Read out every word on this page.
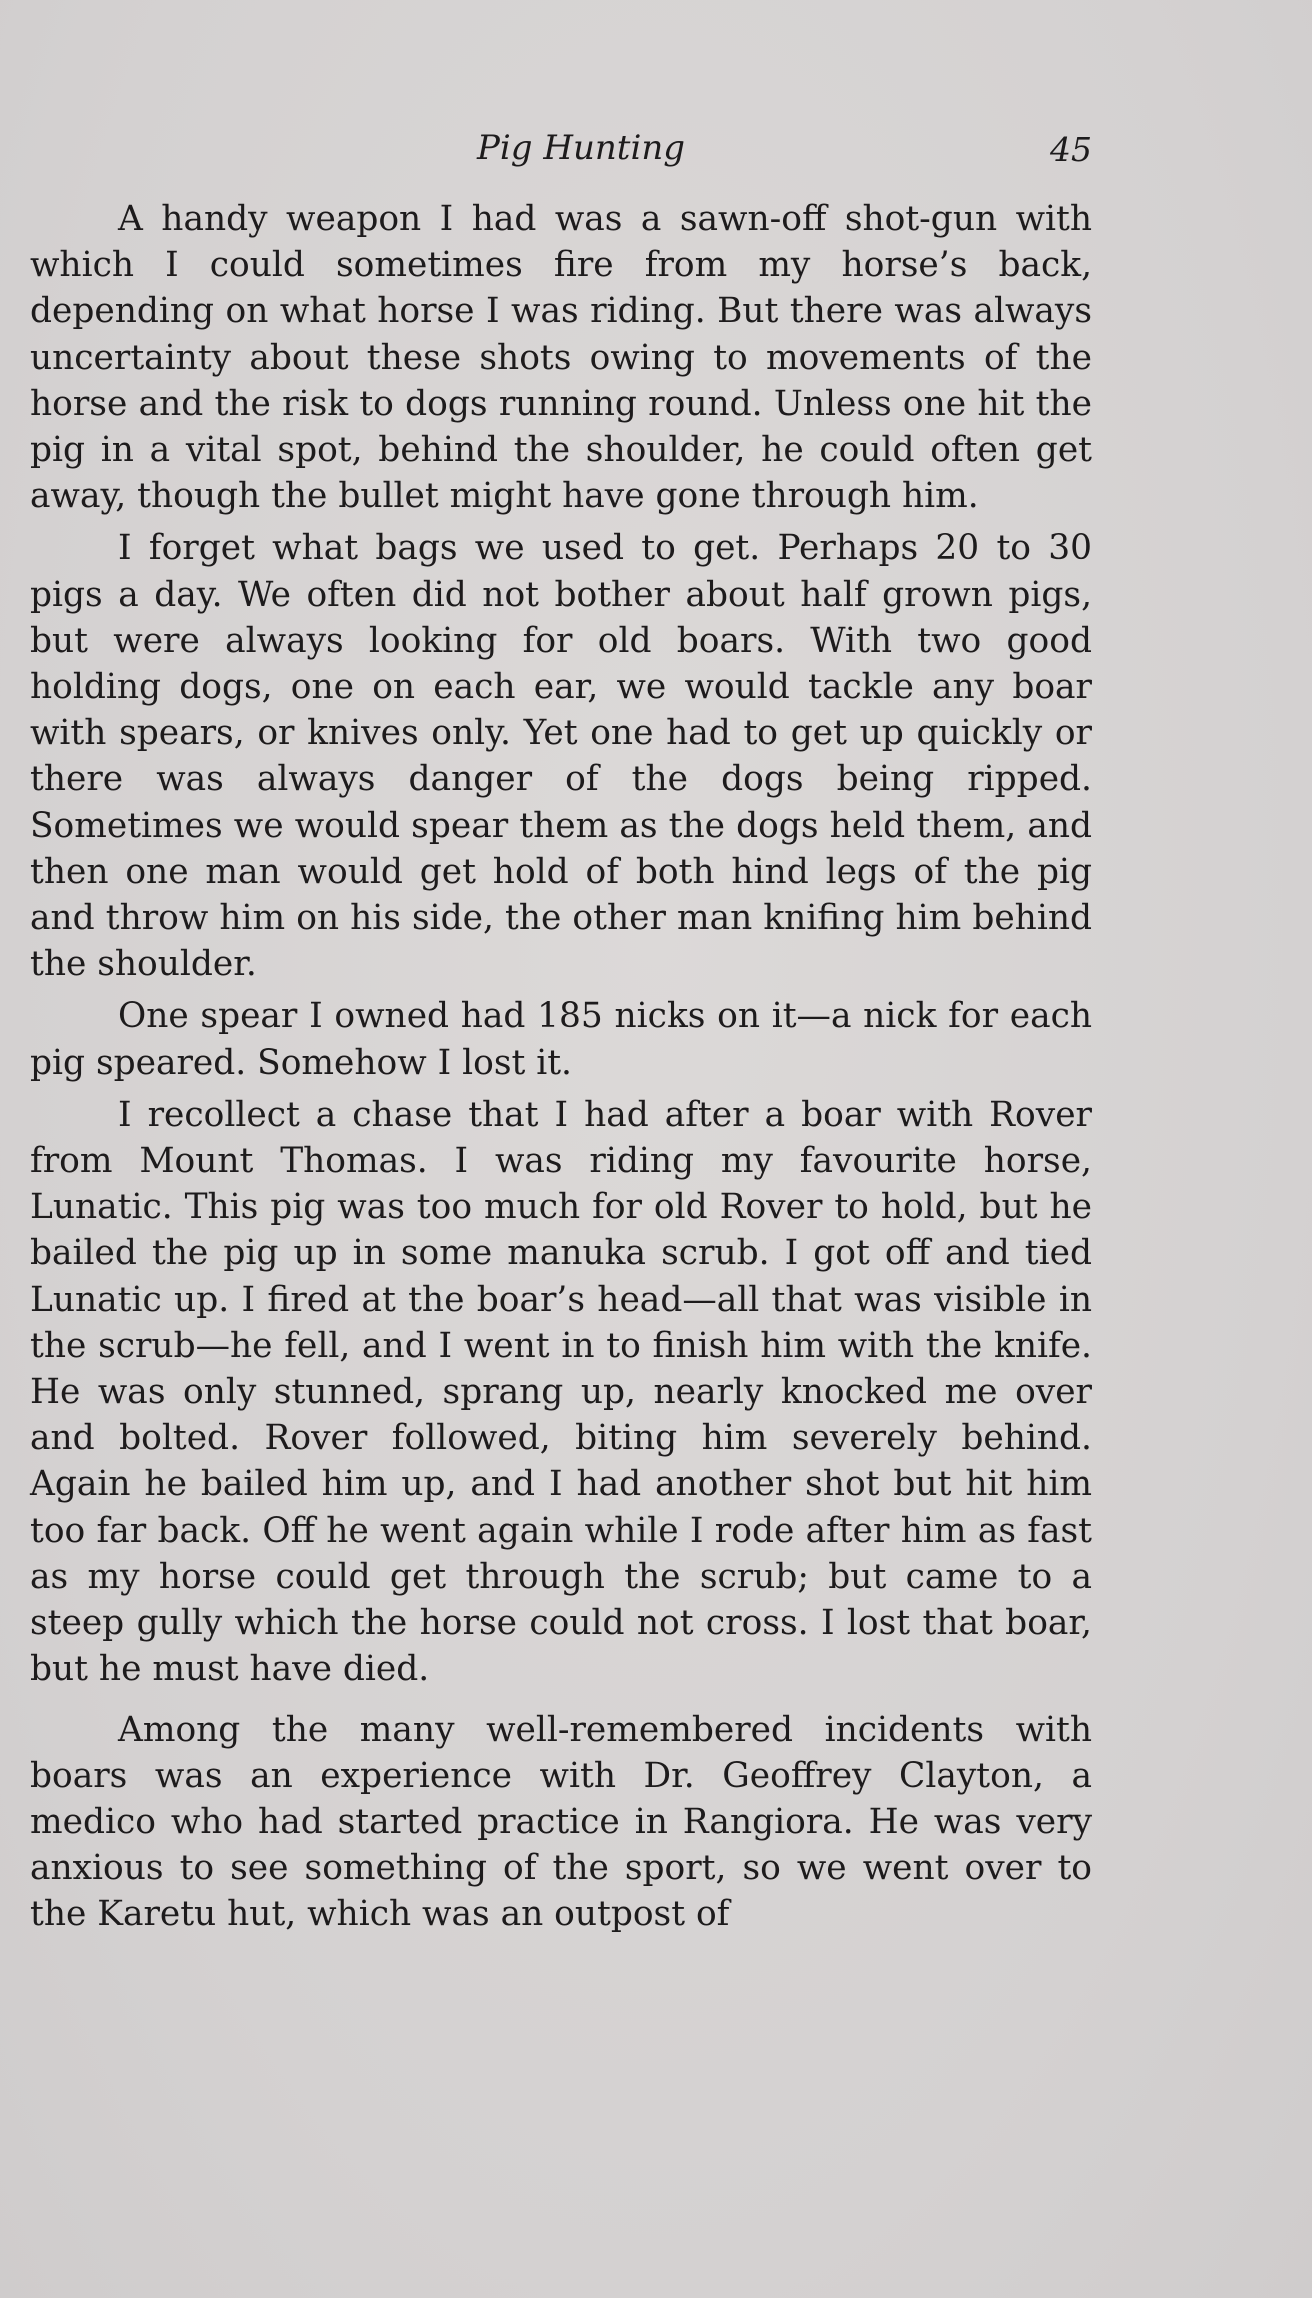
Pig Hunting	45

A handy weapon I had was a sawn-off shot-gun with which I could sometimes fire from my horse’s back, depending on what horse I was riding. But there was always uncertainty about these shots owing to movements of the horse and the risk to dogs running round. Unless one hit the pig in a vital spot, behind the shoulder, he could often get away, though the bullet might have gone through him.

I forget what bags we used to get. Perhaps 20 to 30 pigs a day. We often did not bother about half grown pigs, but were always looking for old boars. With two good holding dogs, one on each ear, we would tackle any boar with spears, or knives only. Yet one had to get up quickly or there was always danger of the dogs being ripped. Sometimes we would spear them as the dogs held them, and then one man would get hold of both hind legs of the pig and throw him on his side, the other man knifing him behind the shoulder.

One spear I owned had 185 nicks on it—a nick for each pig speared. Somehow I lost it.

I recollect a chase that I had after a boar with Rover from Mount Thomas. I was riding my favourite horse, Lunatic. This pig was too much for old Rover to hold, but he bailed the pig up in some manuka scrub. I got off and tied Lunatic up. I fired at the boar’s head—all that was visible in the scrub—he fell, and I went in to finish him with the knife. He was only stunned, sprang up, nearly knocked me over and bolted. Rover followed, biting him severely behind. Again he bailed him up, and I had another shot but hit him too far back. Off he went again while I rode after him as fast as my horse could get through the scrub; but came to a steep gully which the horse could not cross. I lost that boar, but he must have died.

Among the many well-remembered incidents with boars was an experience with Dr. Geoffrey Clayton, a medico who had started practice in Rangiora. He was very anxious to see something of the sport, so we went over to the Karetu hut, which was an outpost of
